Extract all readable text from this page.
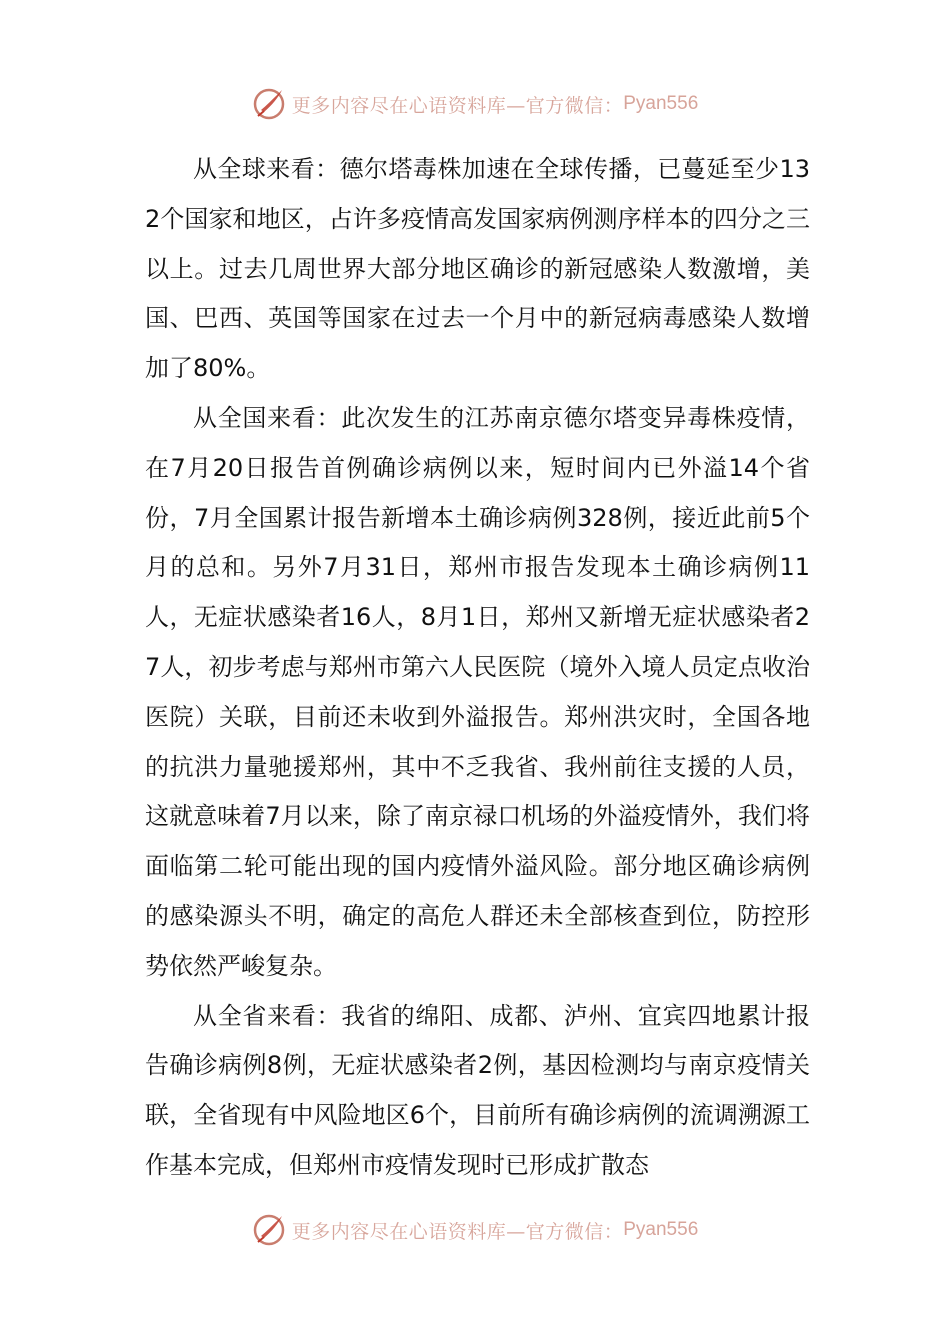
更多内容尽在心语资料库—官方微信： Pyan556

从全球来看：德尔塔毒株加速在全球传播，已蔓延至少132个国家和地区，占许多疫情高发国家病例测序样本的四分之三以上。过去几周世界大部分地区确诊的新冠感染人数激增，美国、巴西、英国等国家在过去一个月中的新冠病毒感染人数增加了80%。

从全国来看：此次发生的江苏南京德尔塔变异毒株疫情，在7月20日报告首例确诊病例以来，短时间内已外溢14个省份，7月全国累计报告新增本土确诊病例328例，接近此前5个月的总和。另外7月31日，郑州市报告发现本土确诊病例11人，无症状感染者16人，8月1日，郑州又新增无症状感染者27人，初步考虑与郑州市第六人民医院（境外入境人员定点收治医院）关联，目前还未收到外溢报告。郑州洪灾时，全国各地的抗洪力量驰援郑州，其中不乏我省、我州前往支援的人员，这就意味着7月以来，除了南京禄口机场的外溢疫情外，我们将面临第二轮可能出现的国内疫情外溢风险。部分地区确诊病例的感染源头不明，确定的高危人群还未全部核查到位，防控形势依然严峻复杂。

从全省来看：我省的绵阳、成都、泸州、宜宾四地累计报告确诊病例8例，无症状感染者2例，基因检测均与南京疫情关联，全省现有中风险地区6个，目前所有确诊病例的流调溯源工作基本完成，但郑州市疫情发现时已形成扩散态

更多内容尽在心语资料库—官方微信： Pyan556
